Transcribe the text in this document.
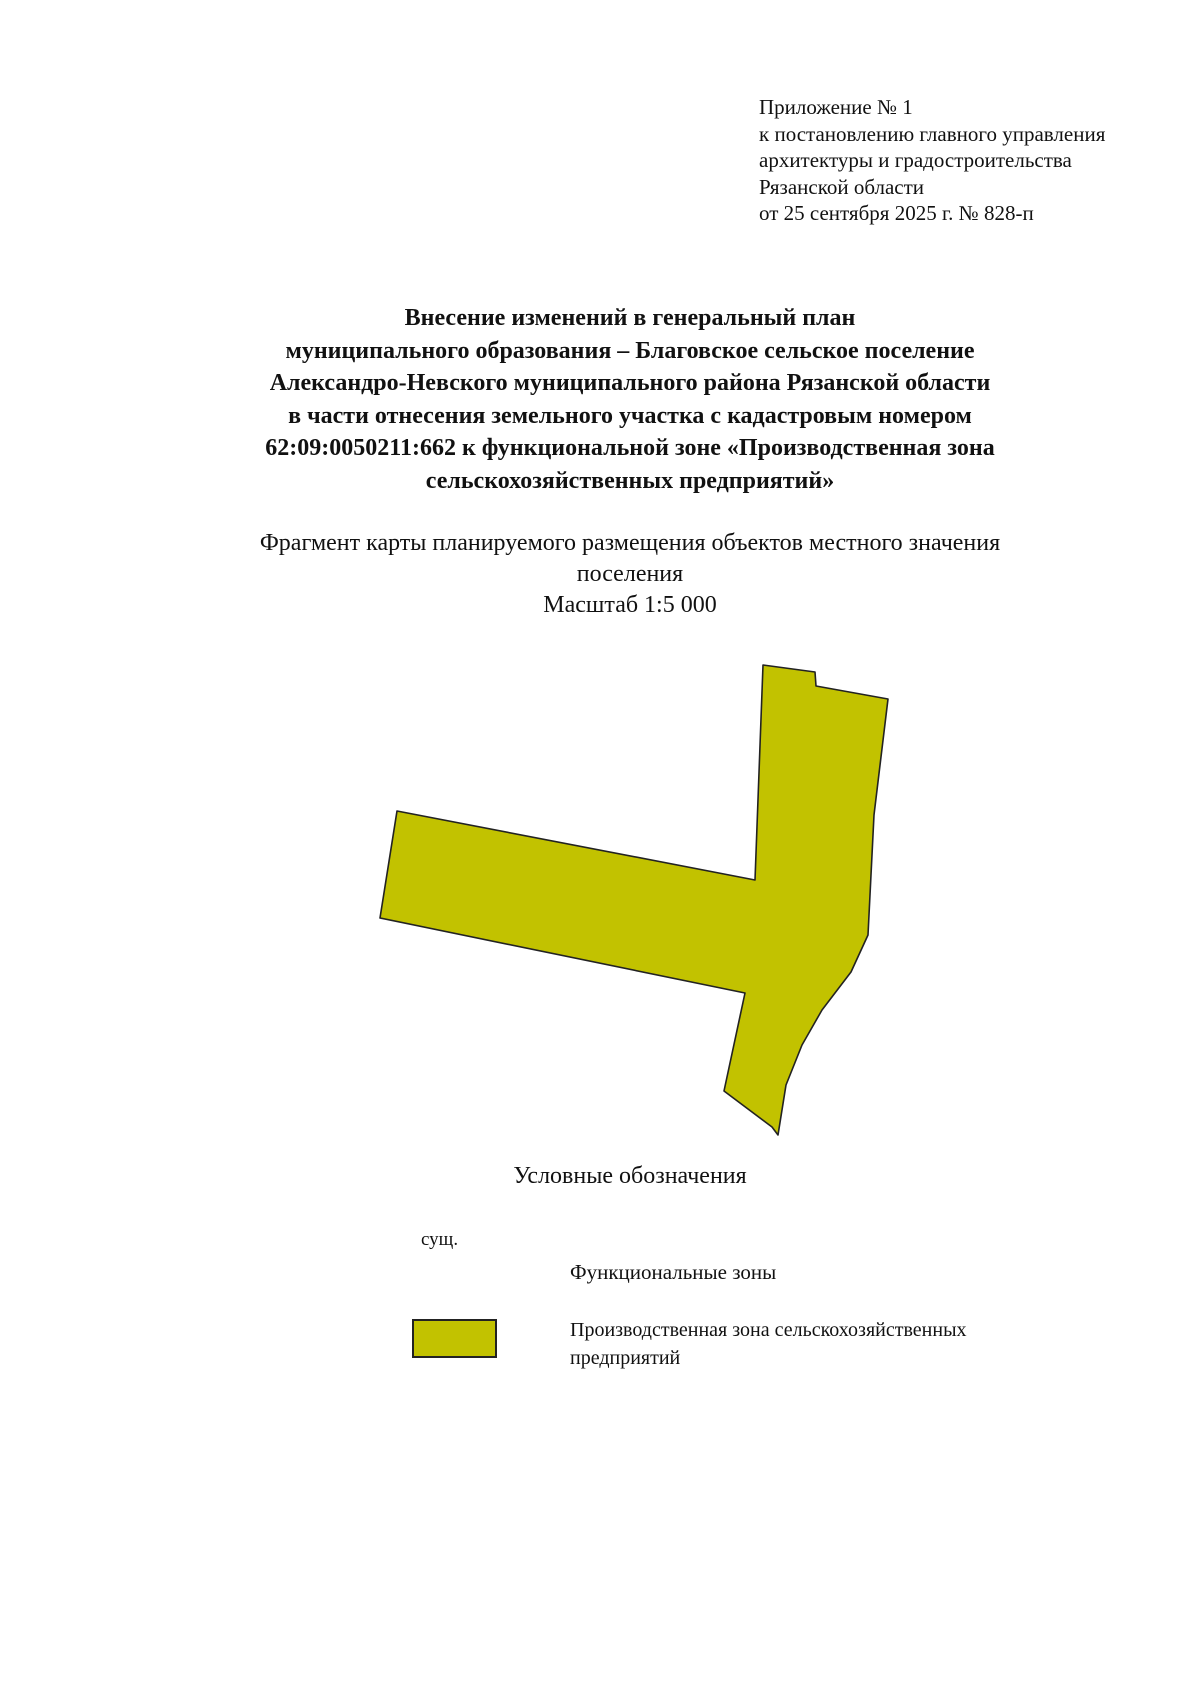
Приложение № 1
к постановлению главного управления
архитектуры и градостроительства
Рязанской области
от 25 сентября 2025 г. № 828-п
Внесение изменений в генеральный план
муниципального образования – Благовское сельское поселение
Александро-Невского муниципального района Рязанской области
в части отнесения земельного участка с кадастровым номером
62:09:0050211:662 к функциональной зоне «Производственная зона
сельскохозяйственных предприятий»
Фрагмент карты планируемого размещения объектов местного значения
поселения
Масштаб 1:5 000
Условные обозначения
сущ.
Функциональные зоны
Производственная зона сельскохозяйственных
предприятий
